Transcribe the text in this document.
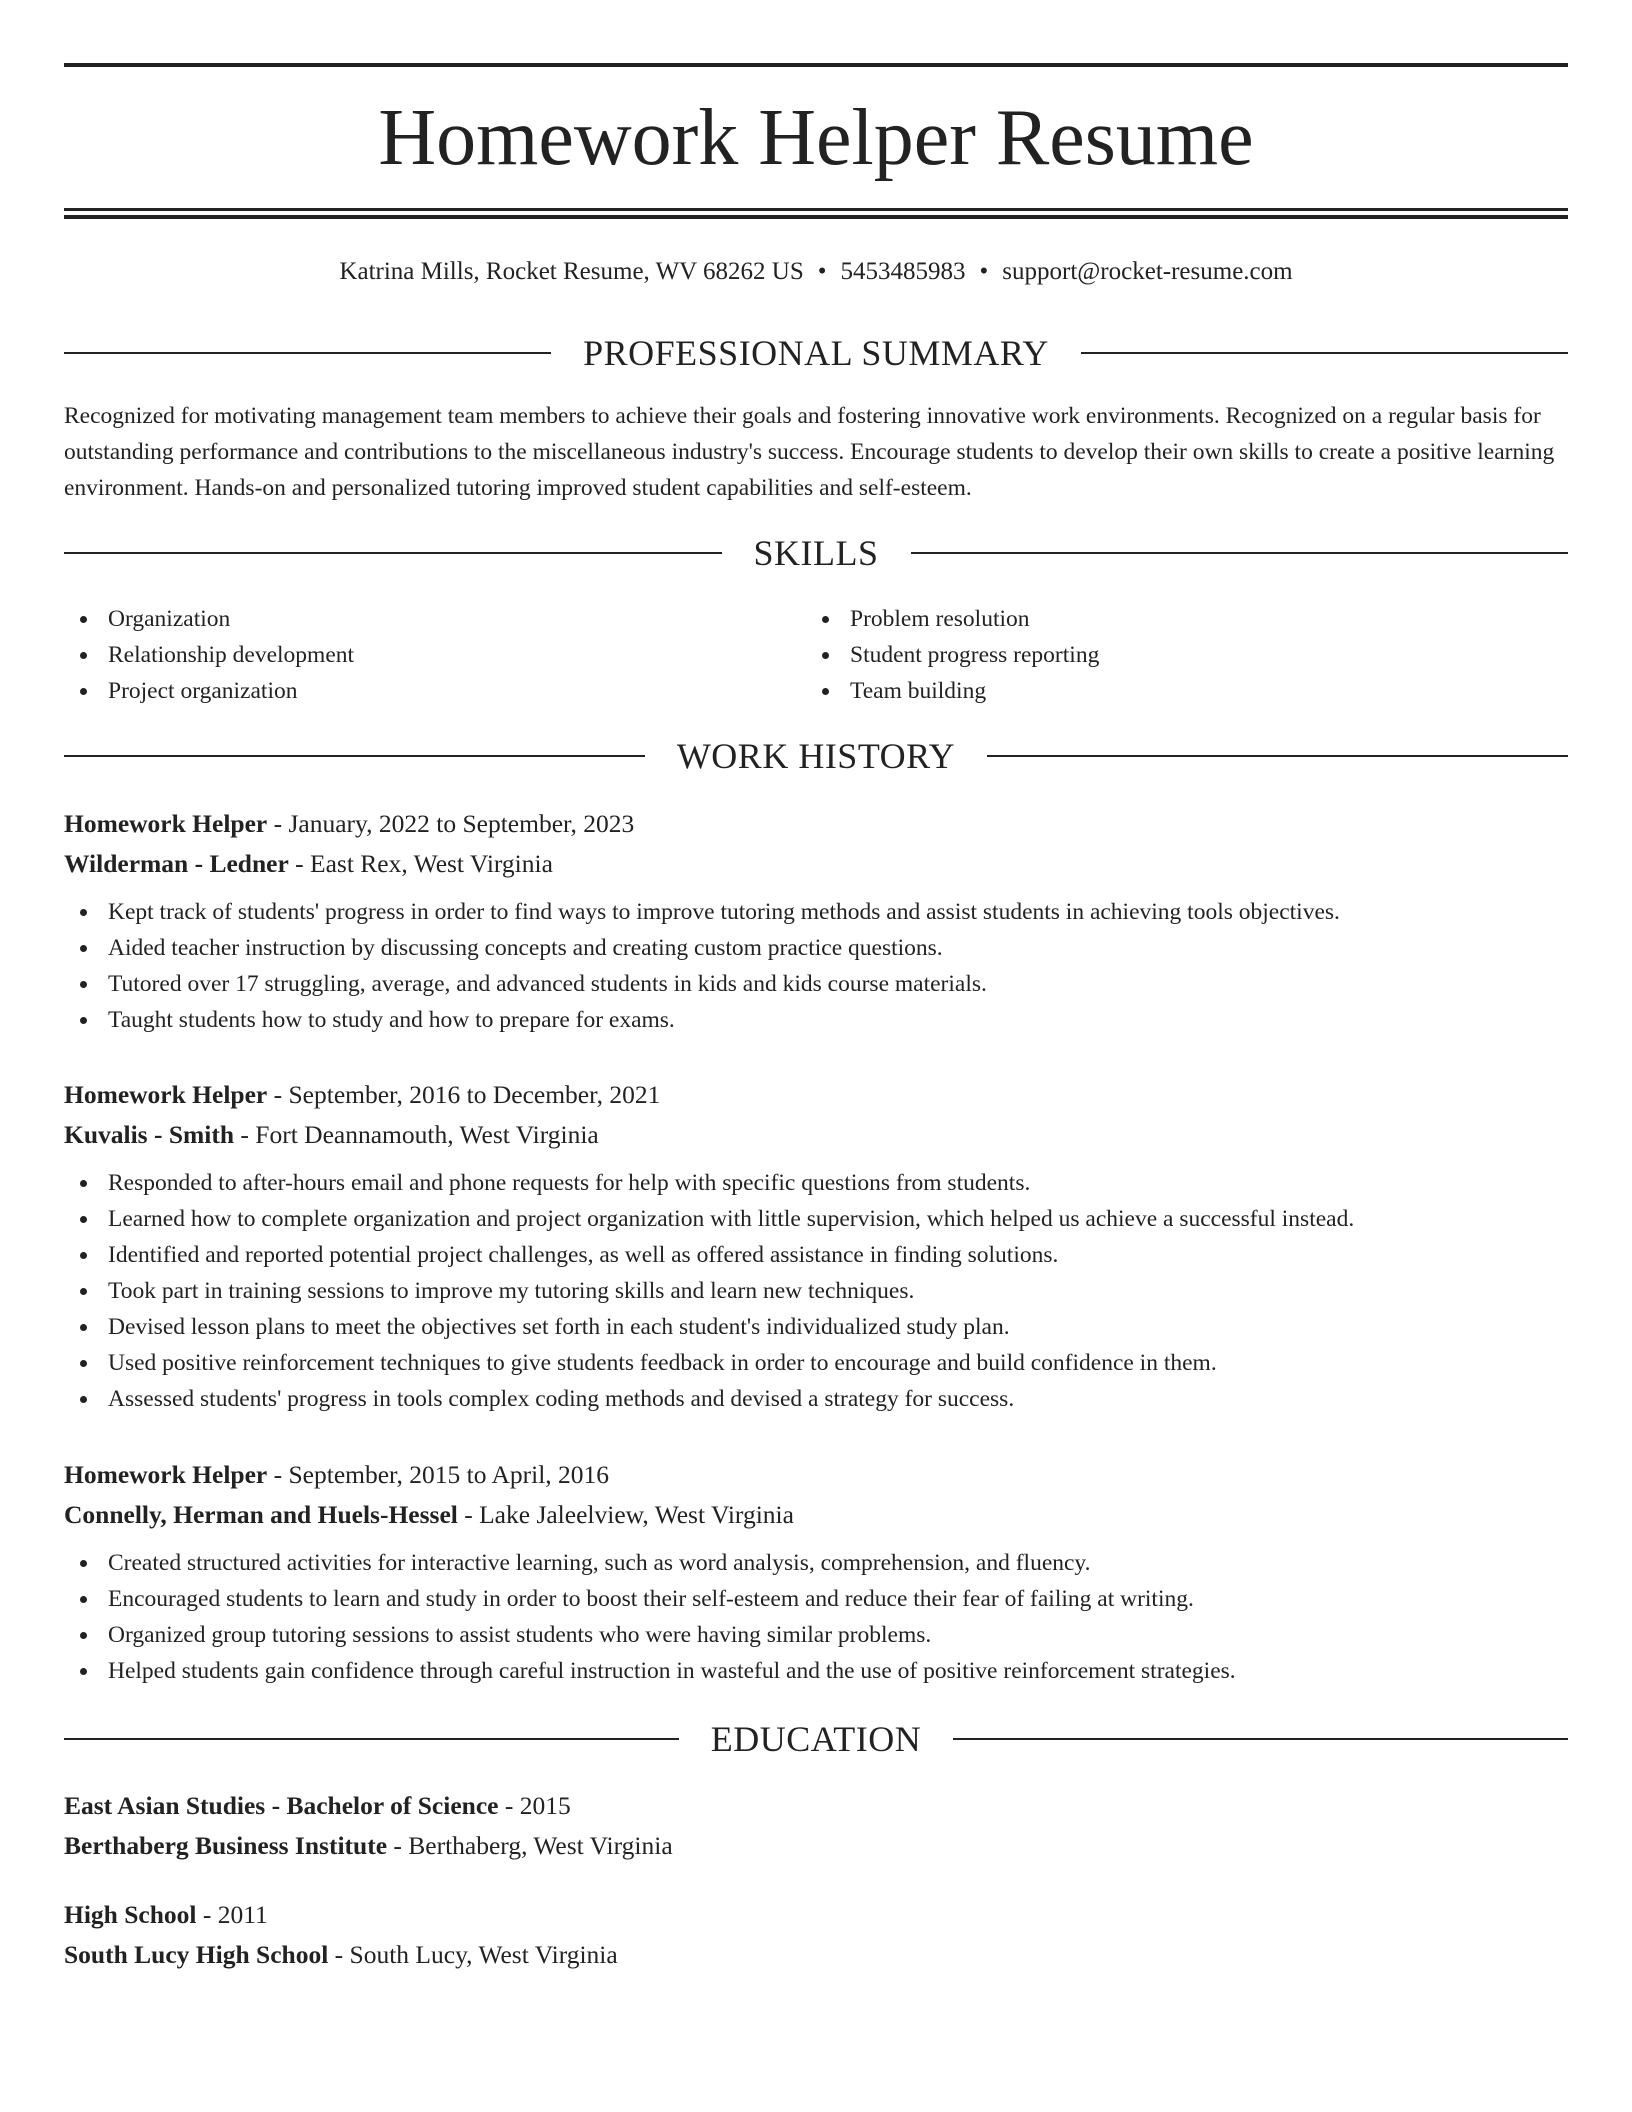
Homework Helper Resume
Katrina Mills, Rocket Resume, WV 68262 US • 5453485983 • support@rocket-resume.com
PROFESSIONAL SUMMARY

Recognized for motivating management team members to achieve their goals and fostering innovative work environments. Recognized on a regular basis for outstanding performance and contributions to the miscellaneous industry's success. Encourage students to develop their own skills to create a positive learning environment. Hands-on and personalized tutoring improved student capabilities and self-esteem.

SKILLS
Organization
Relationship development
Project organization
Problem resolution
Student progress reporting
Team building
WORK HISTORY
Homework Helper - January, 2022 to September, 2023
Wilderman - Ledner - East Rex, West Virginia
Kept track of students' progress in order to find ways to improve tutoring methods and assist students in achieving tools objectives.
Aided teacher instruction by discussing concepts and creating custom practice questions.
Tutored over 17 struggling, average, and advanced students in kids and kids course materials.
Taught students how to study and how to prepare for exams.
Homework Helper - September, 2016 to December, 2021
Kuvalis - Smith - Fort Deannamouth, West Virginia
Responded to after-hours email and phone requests for help with specific questions from students.
Learned how to complete organization and project organization with little supervision, which helped us achieve a successful instead.
Identified and reported potential project challenges, as well as offered assistance in finding solutions.
Took part in training sessions to improve my tutoring skills and learn new techniques.
Devised lesson plans to meet the objectives set forth in each student's individualized study plan.
Used positive reinforcement techniques to give students feedback in order to encourage and build confidence in them.
Assessed students' progress in tools complex coding methods and devised a strategy for success.
Homework Helper - September, 2015 to April, 2016
Connelly, Herman and Huels-Hessel - Lake Jaleelview, West Virginia
Created structured activities for interactive learning, such as word analysis, comprehension, and fluency.
Encouraged students to learn and study in order to boost their self-esteem and reduce their fear of failing at writing.
Organized group tutoring sessions to assist students who were having similar problems.
Helped students gain confidence through careful instruction in wasteful and the use of positive reinforcement strategies.
EDUCATION
East Asian Studies - Bachelor of Science - 2015
Berthaberg Business Institute - Berthaberg, West Virginia
High School - 2011
South Lucy High School - South Lucy, West Virginia
